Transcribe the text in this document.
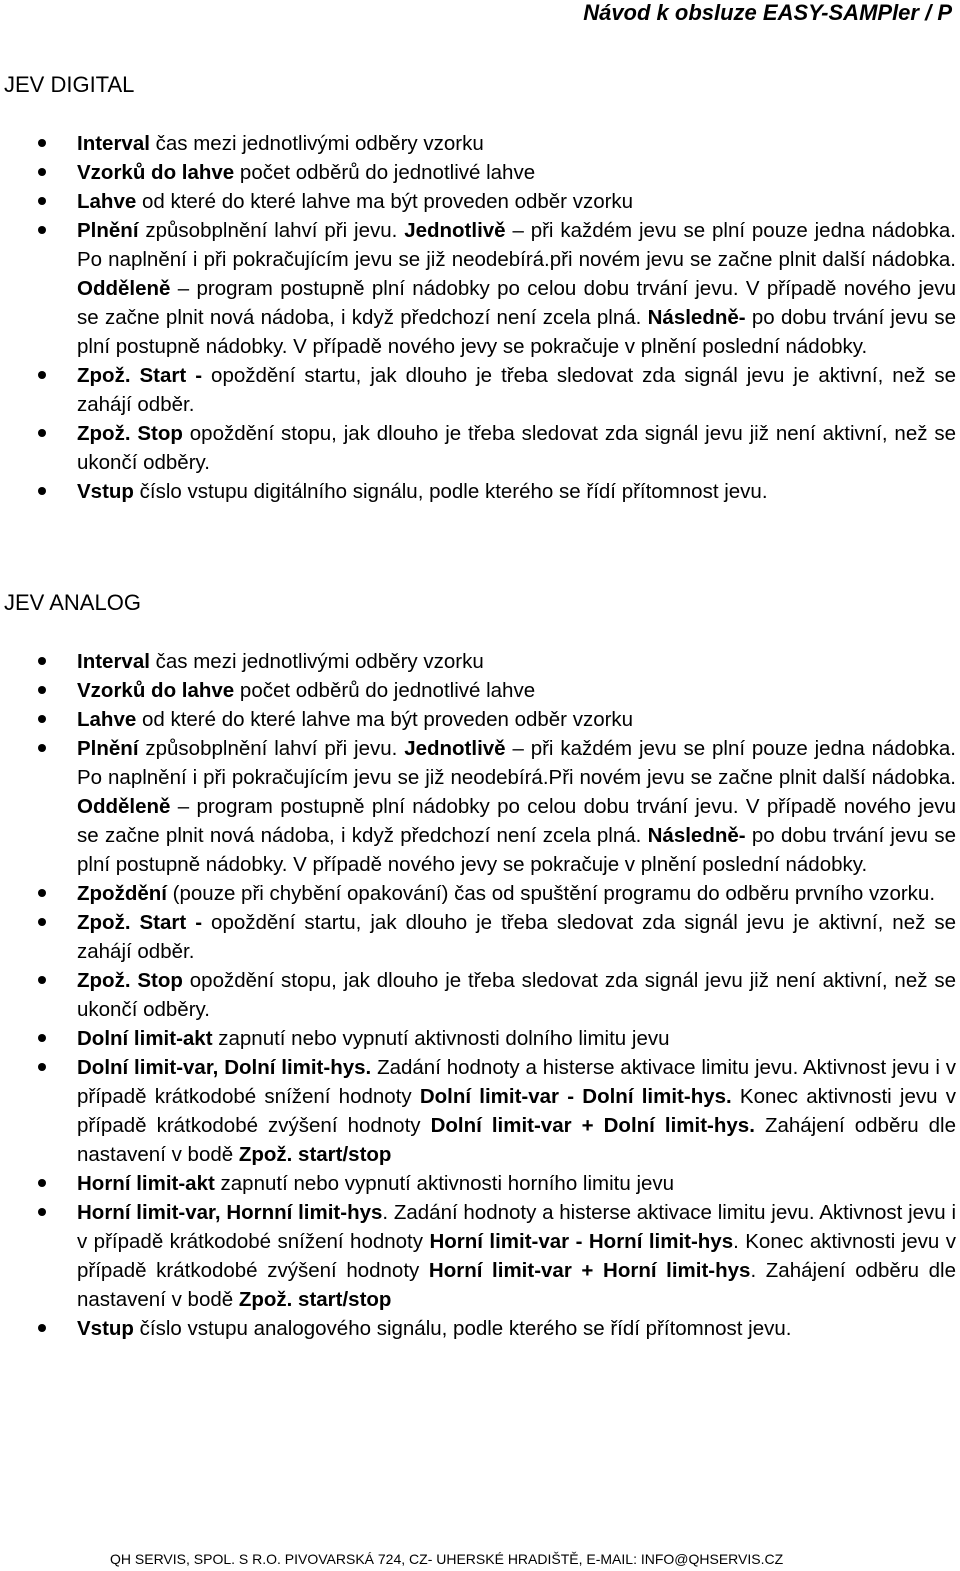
Návod k obsluze EASY-SAMPler / P
JEV DIGITAL
Interval čas mezi jednotlivými odběry vzorku
Vzorků do lahve počet odběrů do jednotlivé lahve
Lahve od které do které lahve ma být proveden odběr vzorku
Plnění způsobplnění lahví při jevu. Jednotlivě – při každém jevu se plní pouze jedna nádobka. Po naplnění i při pokračujícím jevu se již neodebírá.při novém jevu se začne plnit další nádobka. Odděleně – program postupně plní nádobky po celou dobu trvání jevu. V případě nového jevu se začne plnit nová nádoba, i když předchozí není zcela plná. Následně- po dobu trvání jevu se plní postupně nádobky. V případě nového jevy se pokračuje v plnění poslední nádobky.
Zpož. Start - opoždění startu, jak dlouho je třeba sledovat zda signál jevu je aktivní, než se zahájí odběr.
Zpož. Stop opoždění stopu, jak dlouho je třeba sledovat zda signál jevu již není aktivní, než se ukončí odběry.
Vstup číslo vstupu digitálního signálu, podle kterého se řídí přítomnost jevu.
JEV ANALOG
Interval čas mezi jednotlivými odběry vzorku
Vzorků do lahve počet odběrů do jednotlivé lahve
Lahve od které do které lahve ma být proveden odběr vzorku
Plnění způsobplnění lahví při jevu. Jednotlivě – při každém jevu se plní pouze jedna nádobka. Po naplnění i při pokračujícím jevu se již neodebírá.Při novém jevu se začne plnit další nádobka. Odděleně – program postupně plní nádobky po celou dobu trvání jevu. V případě nového jevu se začne plnit nová nádoba, i když předchozí není zcela plná. Následně- po dobu trvání jevu se plní postupně nádobky. V případě nového jevy se pokračuje v plnění poslední nádobky.
Zpoždění (pouze při chybění opakování) čas od spuštění programu do odběru prvního vzorku.
Zpož. Start - opoždění startu, jak dlouho je třeba sledovat zda signál jevu je aktivní, než se zahájí odběr.
Zpož. Stop opoždění stopu, jak dlouho je třeba sledovat zda signál jevu již není aktivní, než se ukončí odběry.
Dolní limit-akt zapnutí nebo vypnutí aktivnosti dolního limitu jevu
Dolní limit-var, Dolní limit-hys. Zadání hodnoty a histerse aktivace limitu jevu. Aktivnost jevu i v případě krátkodobé snížení hodnoty Dolní limit-var - Dolní limit-hys. Konec aktivnosti jevu v případě krátkodobé zvýšení hodnoty Dolní limit-var + Dolní limit-hys. Zahájení odběru dle nastavení v bodě Zpož. start/stop
Horní limit-akt zapnutí nebo vypnutí aktivnosti horního limitu jevu
Horní limit-var, Hornní limit-hys. Zadání hodnoty a histerse aktivace limitu jevu. Aktivnost jevu i v případě krátkodobé snížení hodnoty Horní limit-var - Horní limit-hys. Konec aktivnosti jevu v případě krátkodobé zvýšení hodnoty Horní limit-var + Horní limit-hys. Zahájení odběru dle nastavení v bodě Zpož. start/stop
Vstup číslo vstupu analogového signálu, podle kterého se řídí přítomnost jevu.
QH SERVIS, SPOL. S R.O. PIVOVARSKÁ 724, CZ- UHERSKÉ HRADIŠTĚ, E-MAIL: INFO@QHSERVIS.CZ
